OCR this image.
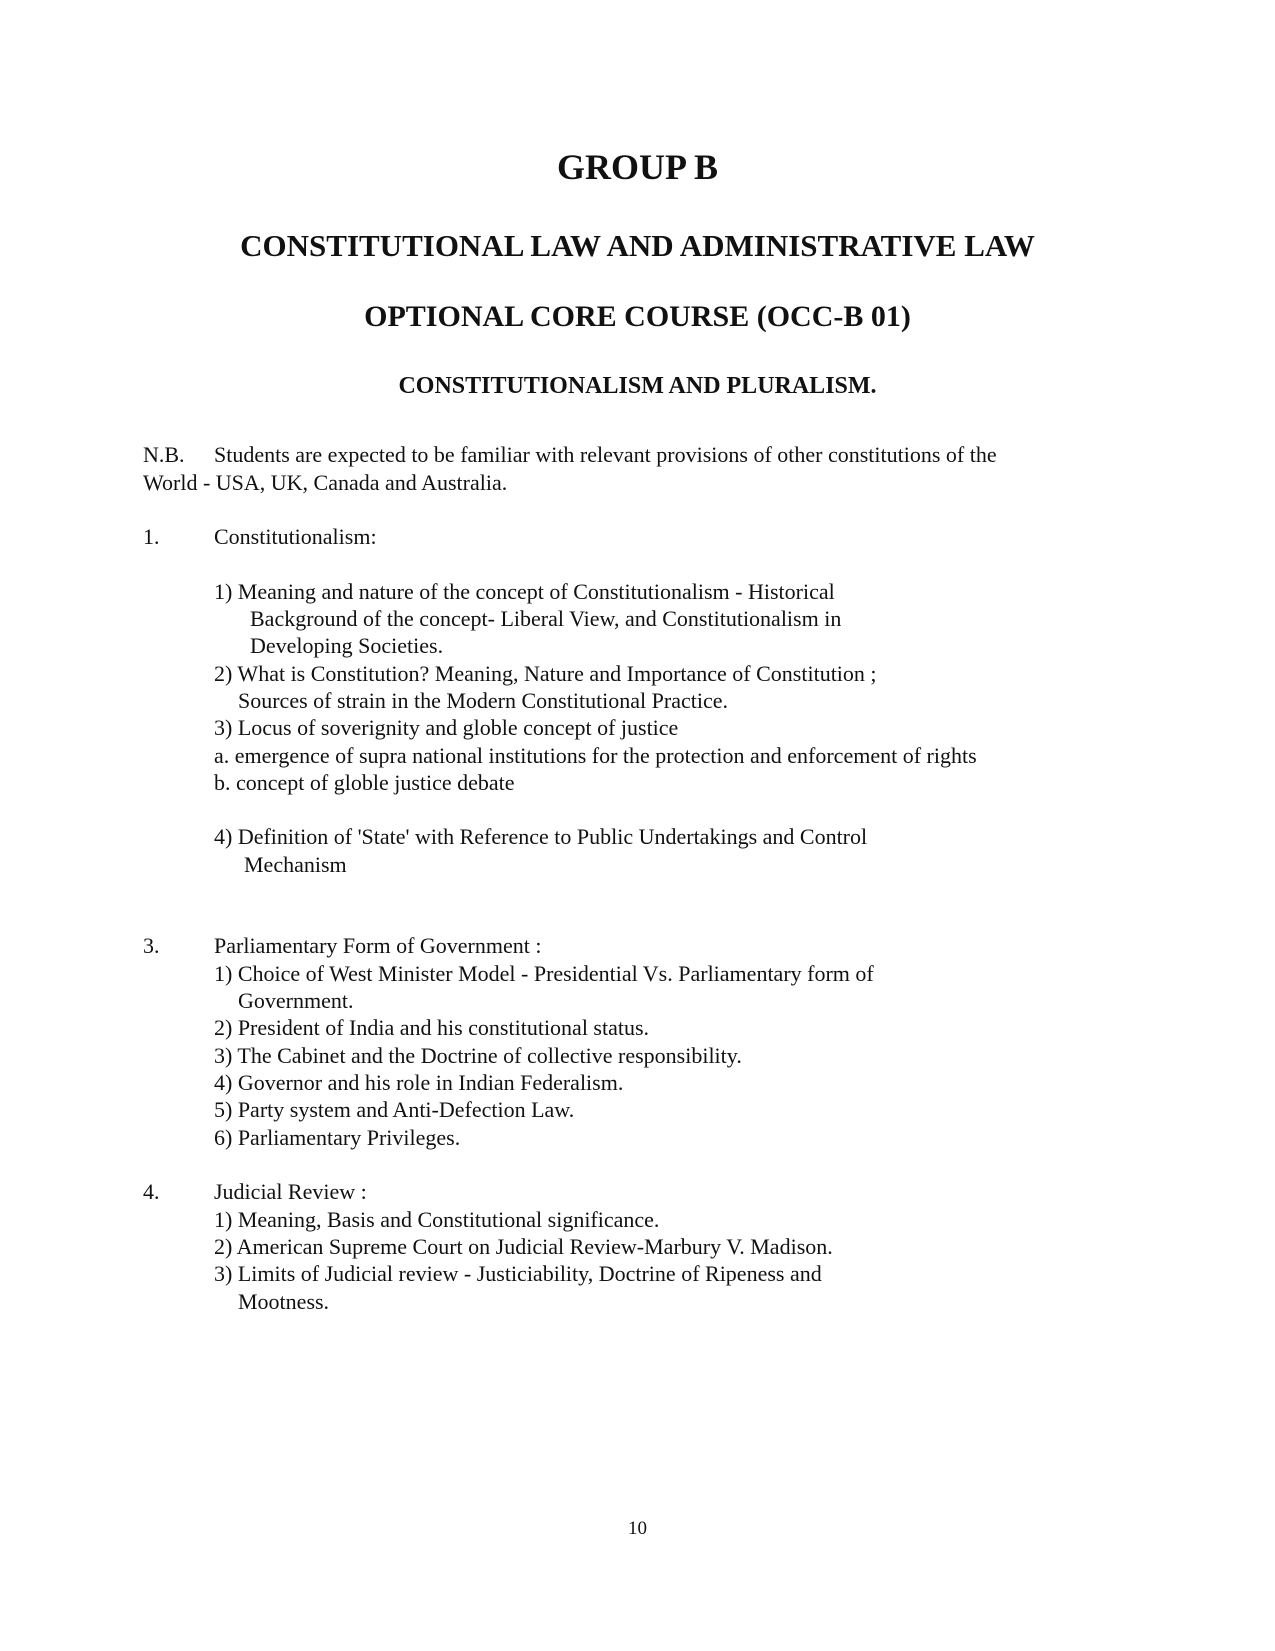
GROUP B
CONSTITUTIONAL LAW AND ADMINISTRATIVE LAW
OPTIONAL CORE COURSE (OCC-B 01)
CONSTITUTIONALISM AND PLURALISM.
N.B. Students are expected to be familiar with relevant provisions of other constitutions of the
World - USA, UK, Canada and Australia.
1. Constitutionalism:
1) Meaning and nature of the concept of Constitutionalism - Historical
Background of the concept- Liberal View, and Constitutionalism in
Developing Societies.
2) What is Constitution? Meaning, Nature and Importance of Constitution ;
Sources of strain in the Modern Constitutional Practice.
3) Locus of soverignity and globle concept of justice
a. emergence of supra national institutions for the protection and enforcement of rights
b. concept of globle justice debate
4) Definition of 'State' with Reference to Public Undertakings and Control
Mechanism
3. Parliamentary Form of Government :
1) Choice of West Minister Model - Presidential Vs. Parliamentary form of
Government.
2) President of India and his constitutional status.
3) The Cabinet and the Doctrine of collective responsibility.
4) Governor and his role in Indian Federalism.
5) Party system and Anti-Defection Law.
6) Parliamentary Privileges.
4. Judicial Review :
1) Meaning, Basis and Constitutional significance.
2) American Supreme Court on Judicial Review-Marbury V. Madison.
3) Limits of Judicial review - Justiciability, Doctrine of Ripeness and
Mootness.
10
